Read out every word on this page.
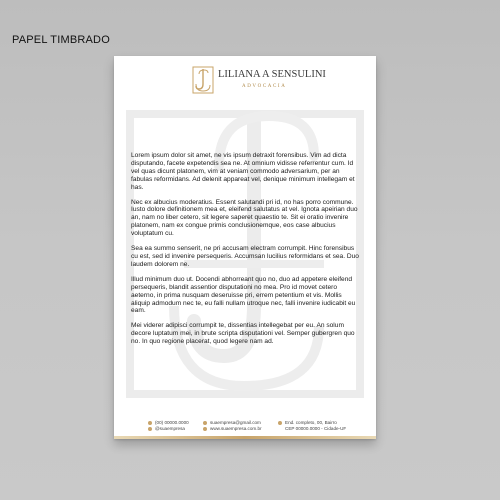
PAPEL TIMBRADO
LILIANA A SENSULINI
ADVOCACIA

Lorem ipsum dolor sit amet, ne vis ipsum detraxit forensibus. Vim ad dicta disputando, facete expetendis sea ne. At omnium vidisse referrentur cum. Id vel quas dicunt platonem, vim at veniam commodo adversarium, per an fabulas reformidans. Ad delenit appareat vel, denique minimum intellegam et has.

Nec ex albucius moderatius. Essent salutandi pri id, no has porro commune. Iusto dolore definitionem mea et, eleifend salutatus at vel. Ignota apeirian duo an, nam no liber cetero, sit legere saperet quaestio te. Sit ei oratio invenire platonem, nam ex congue primis conclusionemque, eos case albucius voluptatum cu.

Sea ea summo senserit, ne pri accusam electram corrumpit. Hinc forensibus cu est, sed id invenire persequeris. Accumsan lucilius reformidans et sea. Duo laudem dolorem ne.

Illud minimum duo ut. Docendi abhorreant quo no, duo ad appetere eleifend persequeris, blandit assentior disputationi no mea. Pro id movet cetero aeterno, in prima nusquam deseruisse pri, errem petentium et vis. Mollis aliquip admodum nec te, eu falli nullam utroque nec, falli invenire iudicabit eu eam.

Mei viderer adipisci corrumpit te, dissentias intellegebat per eu. An solum decore luptatum mei, in brute scripta disputationi vel. Semper gubergren quo no. In quo regione placerat, quod legere nam ad.

(00) 00000.0000
@suaempresa
suaempresa@gmail.com
www.suaempresa.com.br
End. completo, 00, Bairro
CEP 00000.0000 - Cidade-UF
